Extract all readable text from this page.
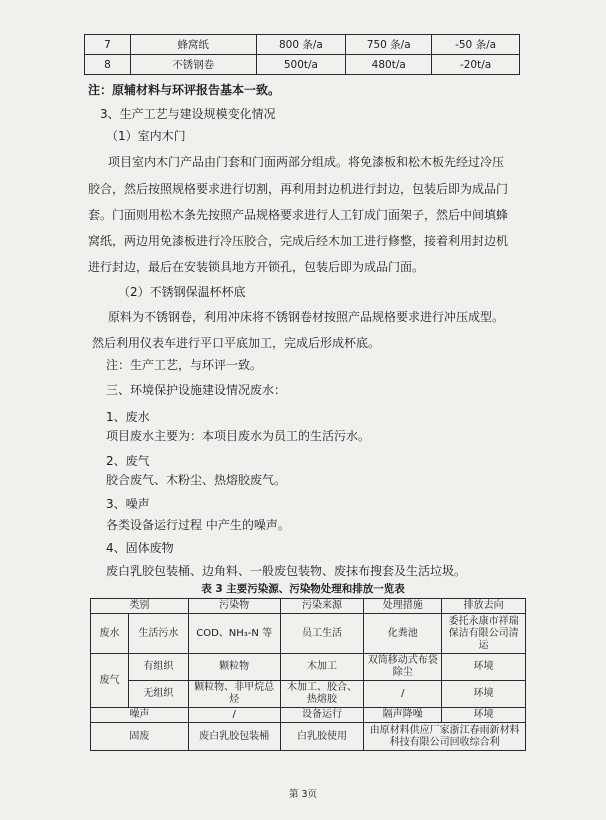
7	蜂窝纸	800 条/a	750 条/a	-50 条/a
8	不锈钢卷	500t/a	480t/a	-20t/a
注：原辅材料与环评报告基本一致。
3、生产工艺与建设规模变化情况
（1）室内木门
项目室内木门产品由门套和门面两部分组成。将免漆板和松木板先经过冷压
胶合，然后按照规格要求进行切割，再利用封边机进行封边，包装后即为成品门
套。门面则用松木条先按照产品规格要求进行人工钉成门面架子，然后中间填蜂
窝纸，两边用免漆板进行冷压胶合，完成后经木加工进行修整，接着利用封边机
进行封边，最后在安装锁具地方开锁孔，包装后即为成品门面。
（2）不锈钢保温杯杯底
原料为不锈钢卷，利用冲床将不锈钢卷材按照产品规格要求进行冲压成型。
然后利用仪表车进行平口平底加工，完成后形成杯底。
注：生产工艺，与环评一致。
三、环境保护设施建设情况废水：
1、废水
项目废水主要为：本项目废水为员工的生活污水。
2、废气
胶合废气、木粉尘、热熔胶废气。
3、噪声
各类设备运行过程 中产生的噪声。
4、固体废物
废白乳胶包装桶、边角料、一般废包装物、废抹布搜套及生活垃圾。
表 3 主要污染源、污染物处理和排放一览表
类别		污染物	污染来源	处理措施	排放去向
废水	生活污水	COD、NH₃-N 等	员工生活	化粪池	委托永康市祥瑞保洁有限公司清运
废气	有组织	颗粒物	木加工	双筒移动式布袋除尘	环境
	无组织	颗粒物、非甲烷总烃	木加工、胶合、热熔胶	/	环境
噪声		/	设备运行	隔声降噪	环境
固废		废白乳胶包装桶	白乳胶使用	由原材料供应厂家浙江春雨新材料科技有限公司回收综合利	
第 3页
